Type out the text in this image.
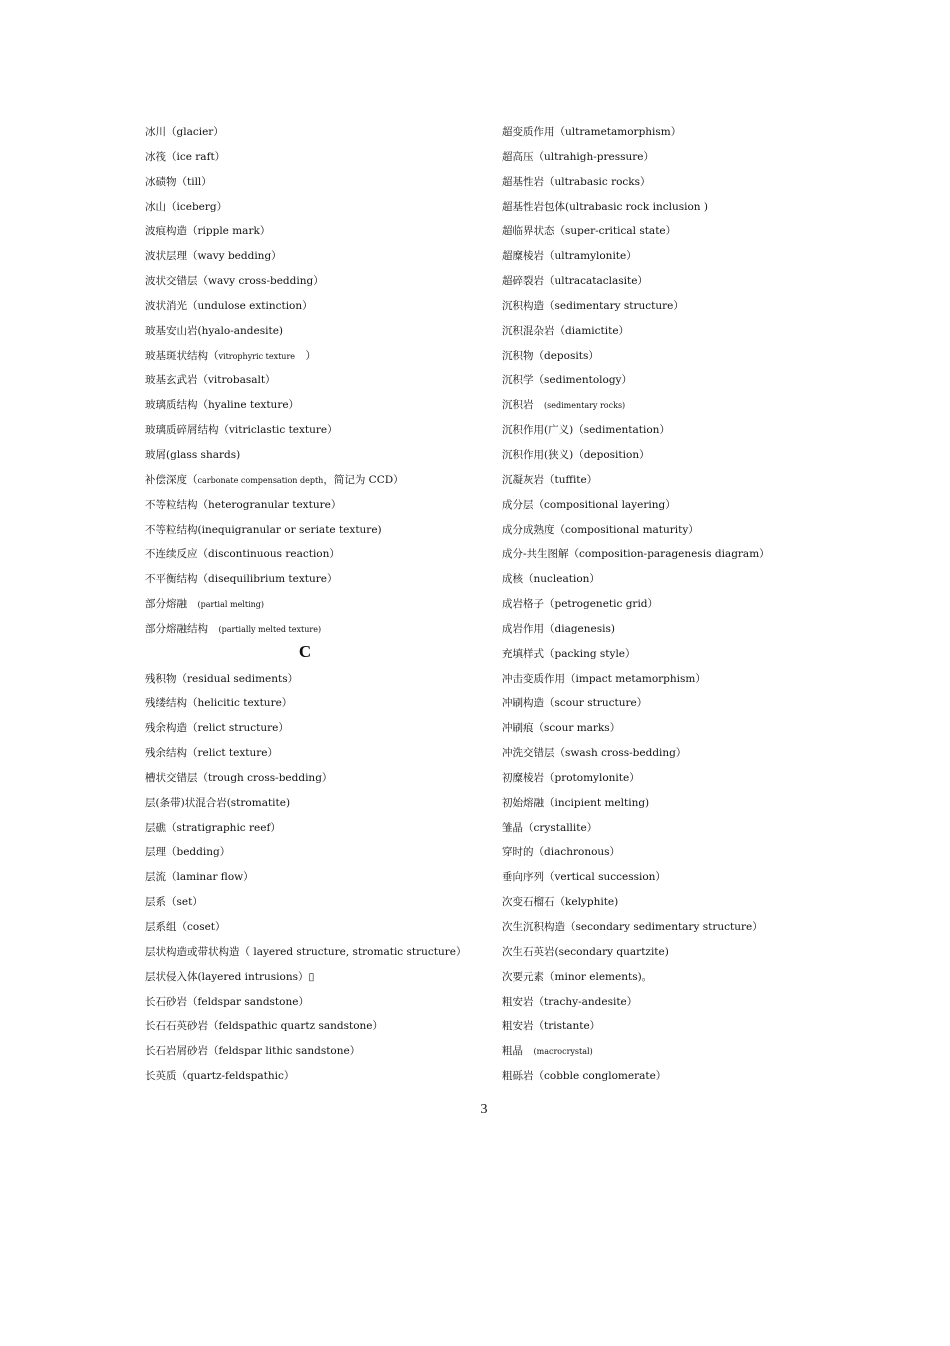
冰川（glacier）
冰筏（ice raft）
冰碛物（till）
冰山（iceberg）
波痕构造（ripple mark）
波状层理（wavy bedding）
波状交错层（wavy cross-bedding）
波状消光（undulose extinction）
玻基安山岩(hyalo-andesite)
玻基斑状结构（vitrophyric texture　）
玻基玄武岩（vitrobasalt）
玻璃质结构（hyaline texture）
玻璃质碎屑结构（vitriclastic texture）
玻屑(glass shards)
补偿深度（carbonate compensation depth，简记为 CCD）
不等粒结构（heterogranular texture）
不等粒结构(inequigranular or seriate texture)
不连续反应（discontinuous reaction）
不平衡结构（disequilibrium texture）
部分熔融　(partial melting)
部分熔融结构　(partially melted texture)
C
残积物（residual sediments）
残缕结构（helicitic texture）
残余构造（relict structure）
残余结构（relict texture）
槽状交错层（trough cross-bedding）
层(条带)状混合岩(stromatite)
层礁（stratigraphic reef）
层理（bedding）
层流（laminar flow）
层系（set）
层系组（coset）
层状构造或带状构造（ layered structure, stromatic structure）
层状侵入体(layered intrusions）▯
长石砂岩（feldspar sandstone）
长石石英砂岩（feldspathic quartz sandstone）
长石岩屑砂岩（feldspar lithic sandstone）
长英质（quartz-feldspathic）
超变质作用（ultrametamorphism）
超高压（ultrahigh-pressure）
超基性岩（ultrabasic rocks）
超基性岩包体(ultrabasic rock inclusion )
超临界状态（super-critical state）
超糜棱岩（ultramylonite）
超碎裂岩（ultracataclasite）
沉积构造（sedimentary structure）
沉积混杂岩（diamictite）
沉积物（deposits）
沉积学（sedimentology）
沉积岩　(sedimentary rocks)
沉积作用(广义)（sedimentation）
沉积作用(狭义)（deposition）
沉凝灰岩（tuffite）
成分层（compositional layering）
成分成熟度（compositional maturity）
成分-共生图解（composition-paragenesis diagram）
成核（nucleation）
成岩格子（petrogenetic grid）
成岩作用（diagenesis)
充填样式（packing style）
冲击变质作用（impact metamorphism）
冲刷构造（scour structure）
冲刷痕（scour marks）
冲洗交错层（swash cross-bedding）
初糜棱岩（protomylonite）
初始熔融（incipient melting)
雏晶（crystallite）
穿时的（diachronous）
垂向序列（vertical succession）
次变石榴石（kelyphite)
次生沉积构造（secondary sedimentary structure）
次生石英岩(secondary quartzite)
次要元素（minor elements)。
粗安岩（trachy-andesite）
粗安岩（tristante）
粗晶　(macrocrystal)
粗砾岩（cobble conglomerate）
3
